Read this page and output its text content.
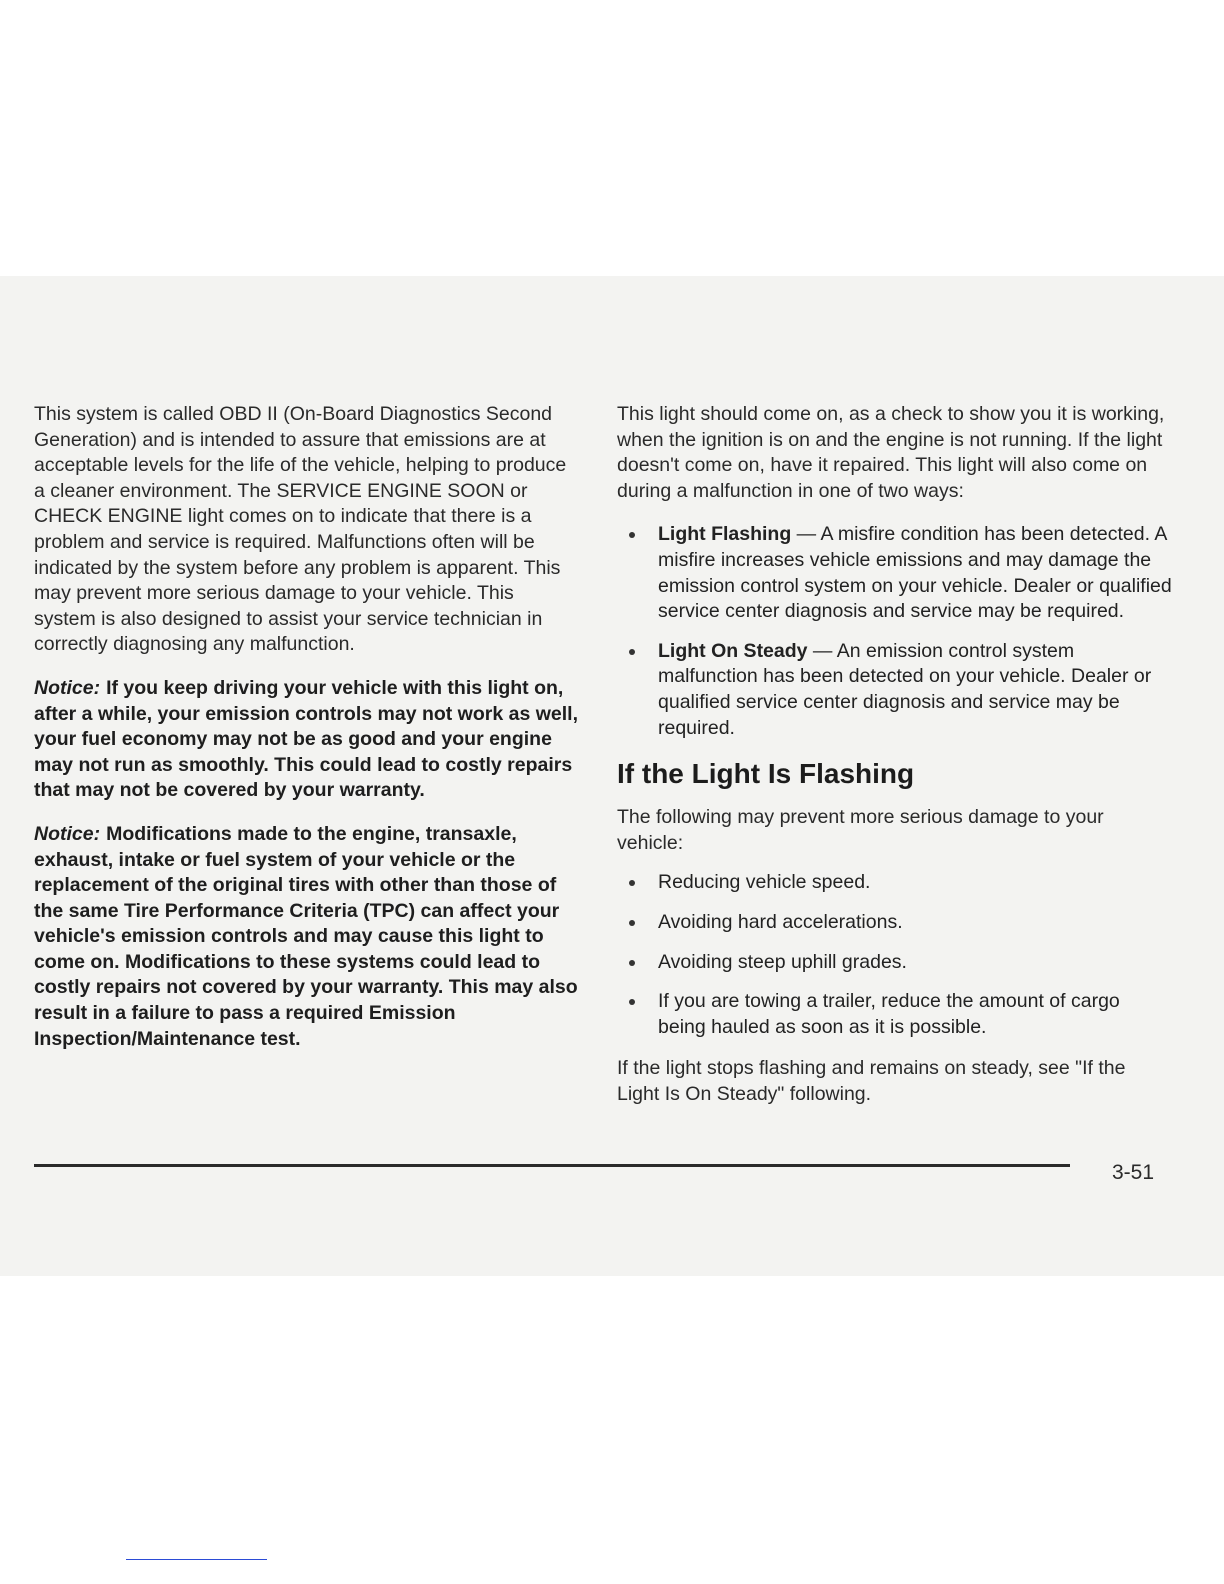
This system is called OBD II (On-Board Diagnostics Second Generation) and is intended to assure that emissions are at acceptable levels for the life of the vehicle, helping to produce a cleaner environment. The SERVICE ENGINE SOON or CHECK ENGINE light comes on to indicate that there is a problem and service is required. Malfunctions often will be indicated by the system before any problem is apparent. This may prevent more serious damage to your vehicle. This system is also designed to assist your service technician in correctly diagnosing any malfunction.

Notice: If you keep driving your vehicle with this light on, after a while, your emission controls may not work as well, your fuel economy may not be as good and your engine may not run as smoothly. This could lead to costly repairs that may not be covered by your warranty.

Notice: Modifications made to the engine, transaxle, exhaust, intake or fuel system of your vehicle or the replacement of the original tires with other than those of the same Tire Performance Criteria (TPC) can affect your vehicle's emission controls and may cause this light to come on. Modifications to these systems could lead to costly repairs not covered by your warranty. This may also result in a failure to pass a required Emission Inspection/Maintenance test.

This light should come on, as a check to show you it is working, when the ignition is on and the engine is not running. If the light doesn't come on, have it repaired. This light will also come on during a malfunction in one of two ways:

Light Flashing — A misfire condition has been detected. A misfire increases vehicle emissions and may damage the emission control system on your vehicle. Dealer or qualified service center diagnosis and service may be required.
Light On Steady — An emission control system malfunction has been detected on your vehicle. Dealer or qualified service center diagnosis and service may be required.
If the Light Is Flashing

The following may prevent more serious damage to your vehicle:

Reducing vehicle speed.
Avoiding hard accelerations.
Avoiding steep uphill grades.
If you are towing a trailer, reduce the amount of cargo being hauled as soon as it is possible.

If the light stops flashing and remains on steady, see "If the Light Is On Steady" following.

3-51
